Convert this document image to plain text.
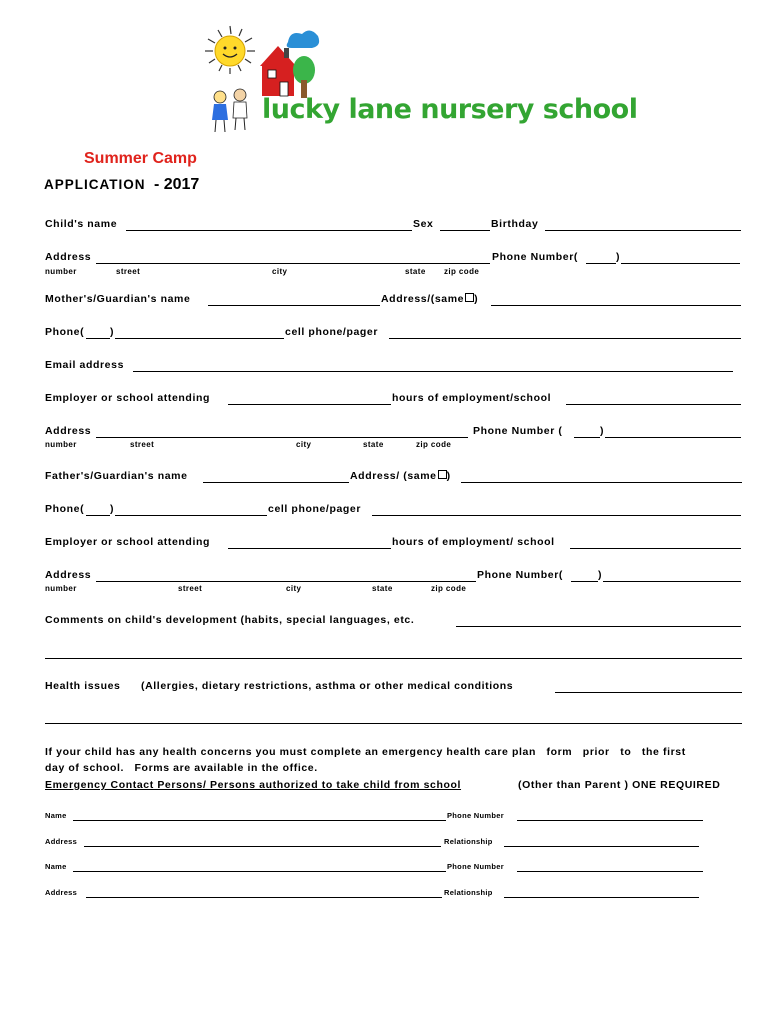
lucky lane nursery school
Summer Camp
APPLICATION - 2017
Child's name	Sex	Birthday
Address	Phone Number(	)
number	street	city	state zip code
Mother's/Guardian's name	Address/(same )
Phone( )	cell phone/pager
Email address
Employer or school attending	hours of employment/school
Address	Phone Number (	)
number	street	city	state	zip code
Father's/Guardian's name	Address/ (same )
Phone( )	cell phone/pager
Employer or school attending	hours of employment/ school
Address	Phone Number(	)
number	street	city	state	zip code
Comments on child's development (habits, special languages, etc.
Health issues (Allergies, dietary restrictions, asthma or other medical conditions
If your child has any health concerns you must complete an emergency health care plan   form   prior   to   the first
day of school.   Forms are available in the office.
Emergency Contact Persons/ Persons authorized to take child from school	(Other than Parent ) ONE REQUIRED
Name	Phone Number
Address	Relationship
Name	Phone Number
Address	Relationship
